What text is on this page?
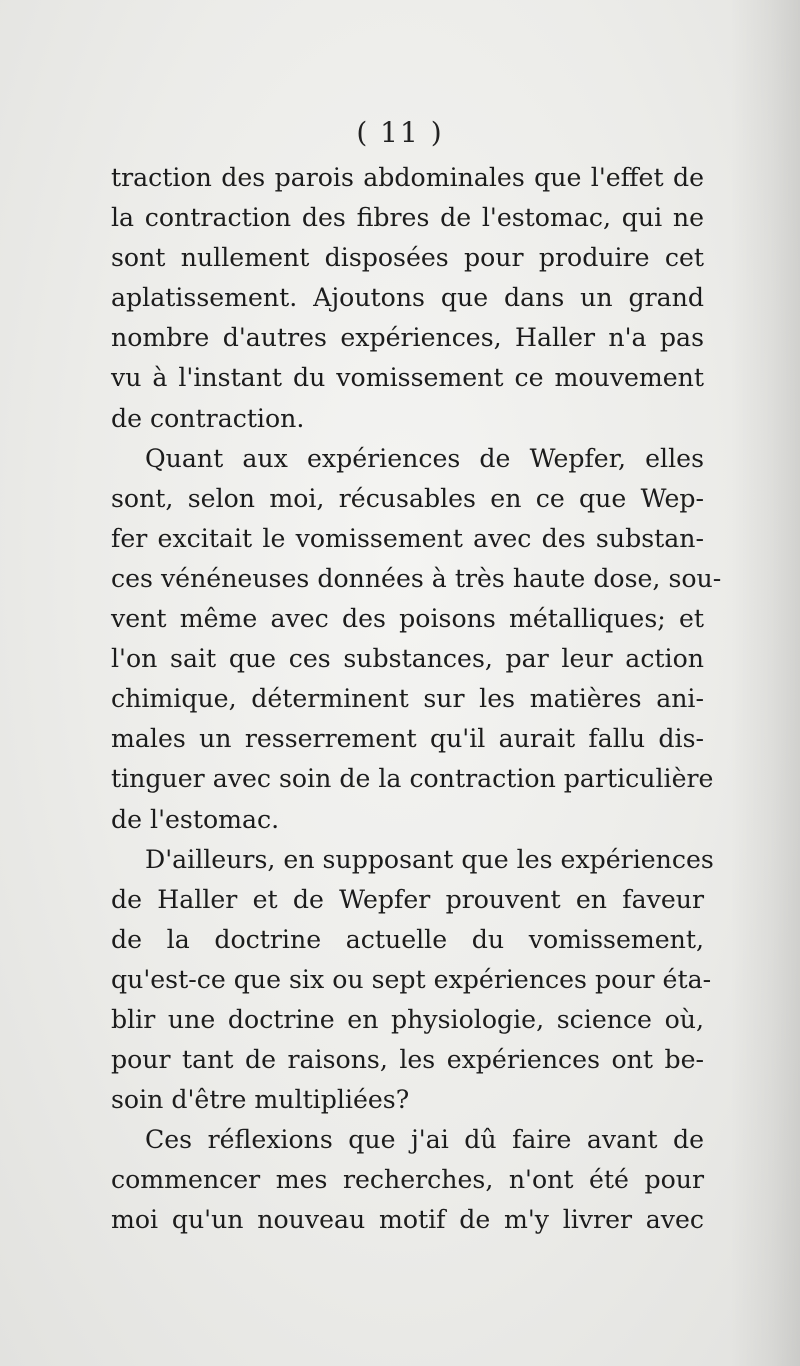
( 11 )

traction des parois abdominales que l'effet de
la contraction des fibres de l'estomac, qui ne
sont nullement disposées pour produire cet
aplatissement. Ajoutons que dans un grand
nombre d'autres expériences, Haller n'a pas
vu à l'instant du vomissement ce mouvement
de contraction.

Quant aux expériences de Wepfer, elles
sont, selon moi, récusables en ce que Wep-
fer excitait le vomissement avec des substan-
ces vénéneuses données à très haute dose, sou-
vent même avec des poisons métalliques; et
l'on sait que ces substances, par leur action
chimique, déterminent sur les matières ani-
males un resserrement qu'il aurait fallu dis-
tinguer avec soin de la contraction particulière
de l'estomac.

D'ailleurs, en supposant que les expériences
de Haller et de Wepfer prouvent en faveur
de la doctrine actuelle du vomissement,
qu'est-ce que six ou sept expériences pour éta-
blir une doctrine en physiologie, science où,
pour tant de raisons, les expériences ont be-
soin d'être multipliées?

Ces réflexions que j'ai dû faire avant de
commencer mes recherches, n'ont été pour
moi qu'un nouveau motif de m'y livrer avec
